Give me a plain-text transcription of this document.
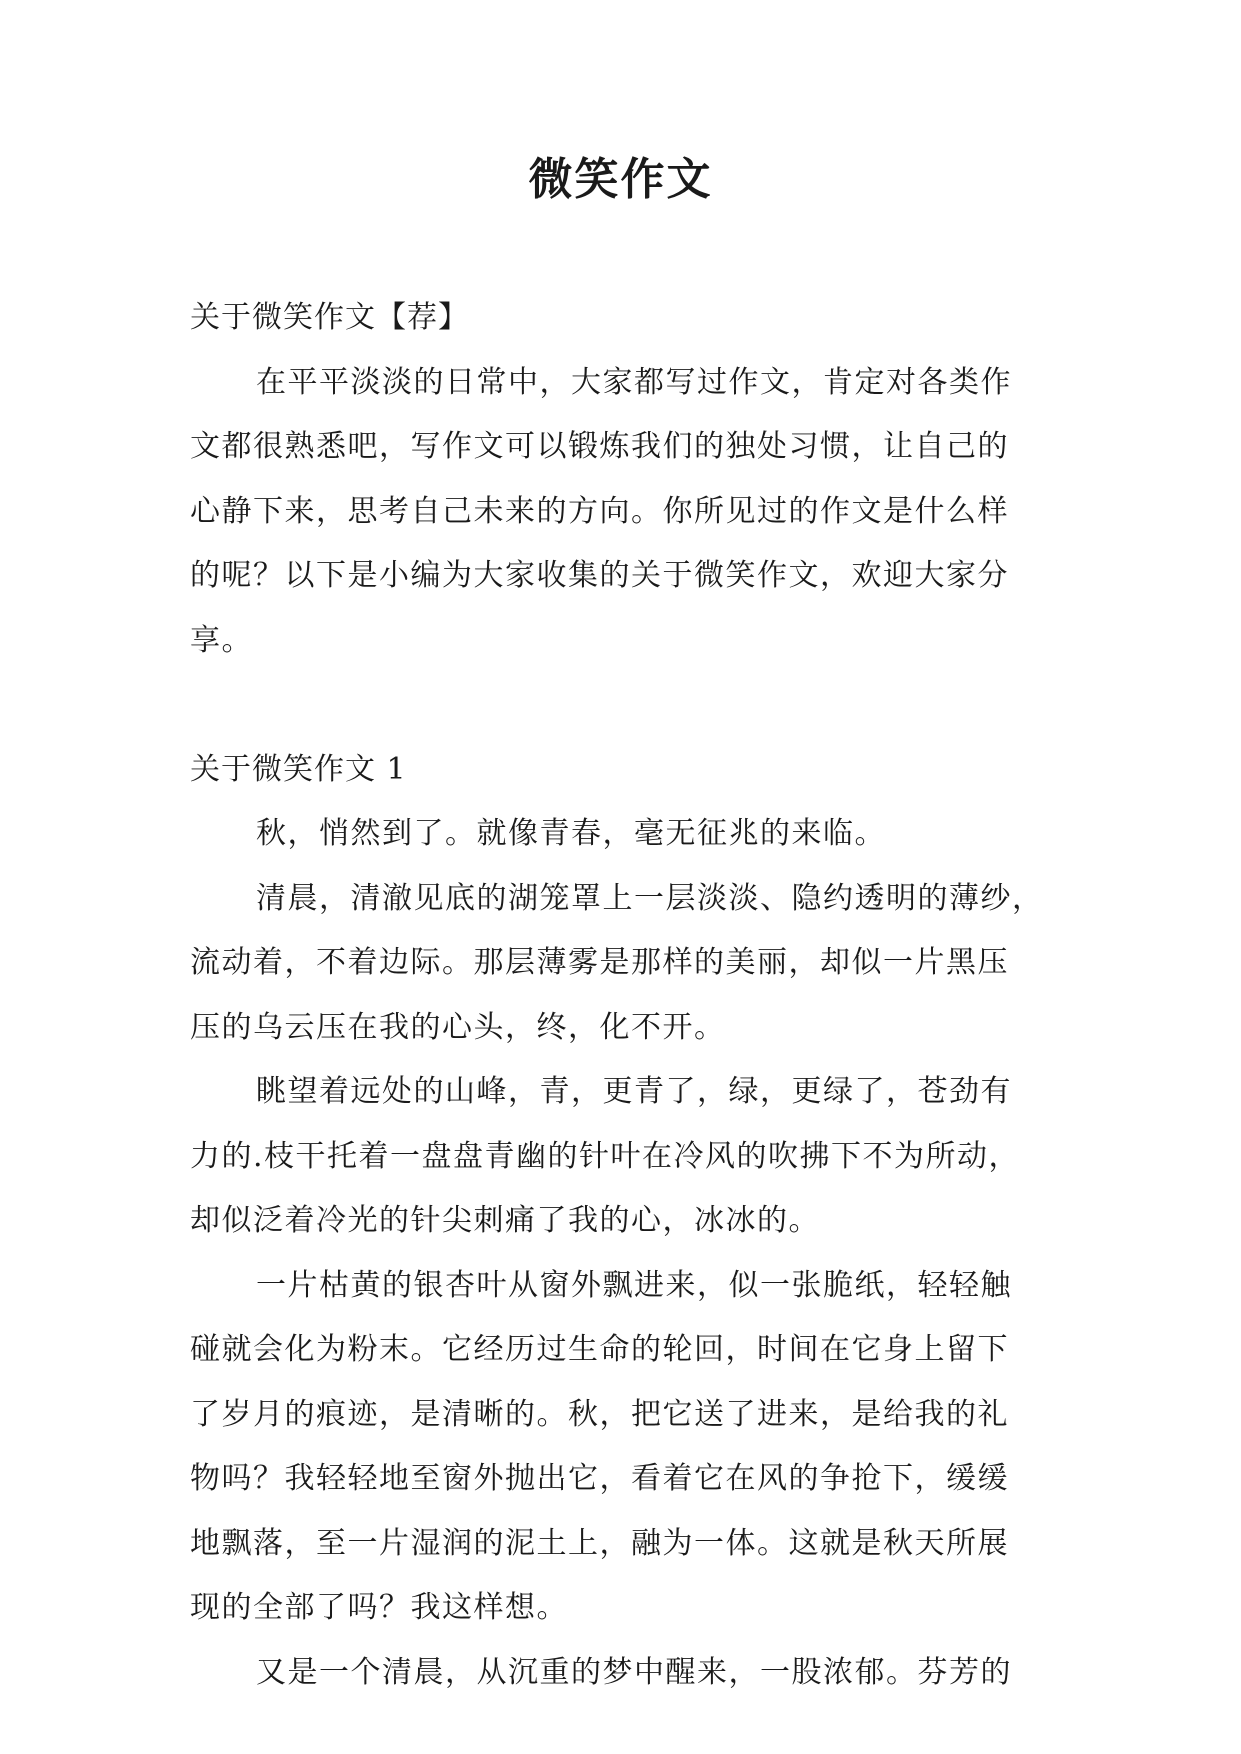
微笑作文
关于微笑作文【荐】
在平平淡淡的日常中，大家都写过作文，肯定对各类作
文都很熟悉吧，写作文可以锻炼我们的独处习惯，让自己的
心静下来，思考自己未来的方向。你所见过的作文是什么样
的呢？以下是小编为大家收集的关于微笑作文，欢迎大家分
享。
关于微笑作文 1
秋，悄然到了。就像青春，毫无征兆的来临。
清晨，清澈见底的湖笼罩上一层淡淡、隐约透明的薄纱，
流动着，不着边际。那层薄雾是那样的美丽，却似一片黑压
压的乌云压在我的心头，终，化不开。
眺望着远处的山峰，青，更青了，绿，更绿了，苍劲有
力的.枝干托着一盘盘青幽的针叶在冷风的吹拂下不为所动，
却似泛着冷光的针尖刺痛了我的心，冰冰的。
一片枯黄的银杏叶从窗外飘进来，似一张脆纸，轻轻触
碰就会化为粉末。它经历过生命的轮回，时间在它身上留下
了岁月的痕迹，是清晰的。秋，把它送了进来，是给我的礼
物吗？我轻轻地至窗外抛出它，看着它在风的争抢下，缓缓
地飘落，至一片湿润的泥土上，融为一体。这就是秋天所展
现的全部了吗？我这样想。
又是一个清晨，从沉重的梦中醒来，一股浓郁。芬芳的
